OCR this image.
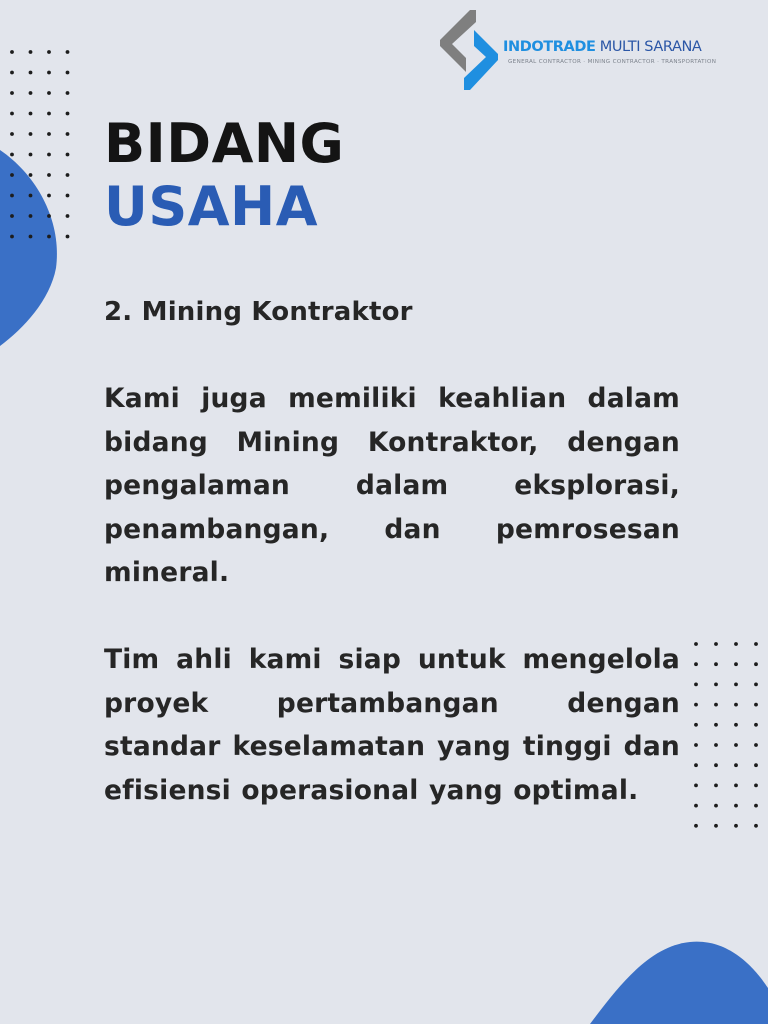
INDOTRADE MULTI SARANA
GENERAL CONTRACTOR · MINING CONTRACTOR · TRANSPORTATION
BIDANG
USAHA
2. Mining Kontraktor

Kami juga memiliki keahlian dalam bidang Mining Kontraktor, dengan pengalaman dalam eksplorasi, penambangan, dan pemrosesan mineral.

Tim ahli kami siap untuk mengelola proyek pertambangan dengan standar keselamatan yang tinggi dan efisiensi operasional yang optimal.
